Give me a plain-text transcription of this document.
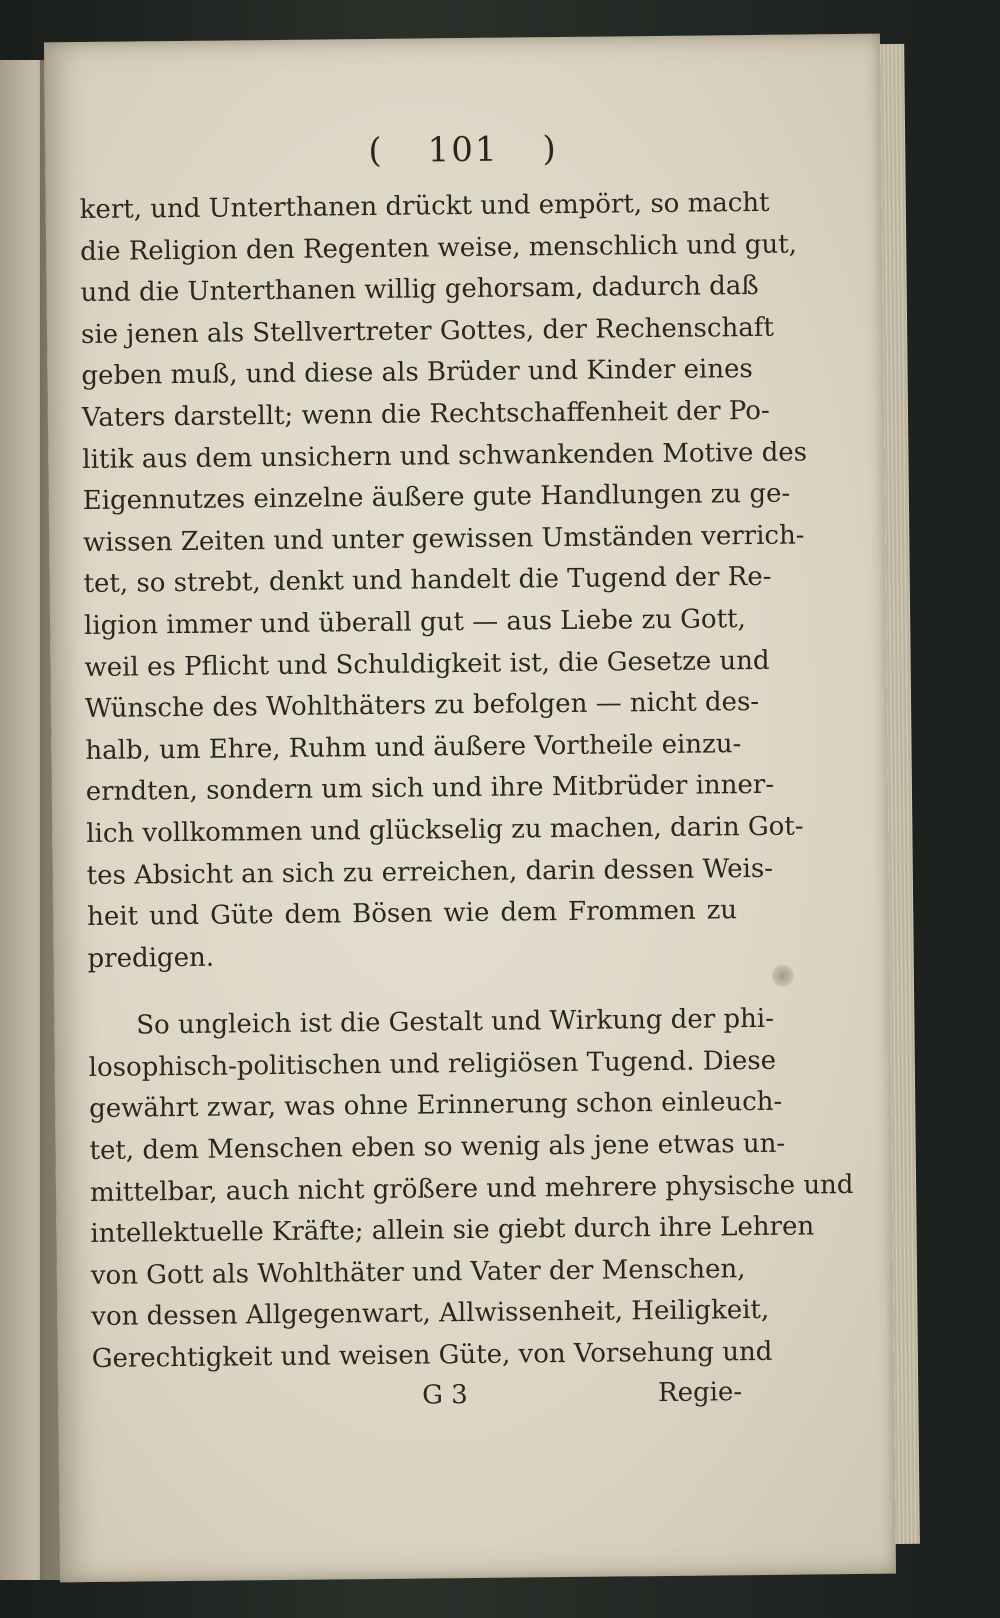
( 101 )
kert, und Unterthanen drückt und empört, so macht
die Religion den Regenten weise, menschlich und gut,
und die Unterthanen willig gehorsam, dadurch daß
sie jenen als Stellvertreter Gottes, der Rechenschaft
geben muß, und diese als Brüder und Kinder eines
Vaters darstellt; wenn die Rechtschaffenheit der Po-
litik aus dem unsichern und schwankenden Motive des
Eigennutzes einzelne äußere gute Handlungen zu ge-
wissen Zeiten und unter gewissen Umständen verrich-
tet, so strebt, denkt und handelt die Tugend der Re-
ligion immer und überall gut — aus Liebe zu Gott,
weil es Pflicht und Schuldigkeit ist, die Gesetze und
Wünsche des Wohlthäters zu befolgen — nicht des-
halb, um Ehre, Ruhm und äußere Vortheile einzu-
erndten, sondern um sich und ihre Mitbrüder inner-
lich vollkommen und glückselig zu machen, darin Got-
tes Absicht an sich zu erreichen, darin dessen Weis-
heit und Güte dem Bösen wie dem Frommen zu
predigen.
So ungleich ist die Gestalt und Wirkung der phi-
losophisch-politischen und religiösen Tugend. Diese
gewährt zwar, was ohne Erinnerung schon einleuch-
tet, dem Menschen eben so wenig als jene etwas un-
mittelbar, auch nicht größere und mehrere physische und
intellektuelle Kräfte; allein sie giebt durch ihre Lehren
von Gott als Wohlthäter und Vater der Menschen,
von dessen Allgegenwart, Allwissenheit, Heiligkeit,
Gerechtigkeit und weisen Güte, von Vorsehung und
G 3	Regie-
